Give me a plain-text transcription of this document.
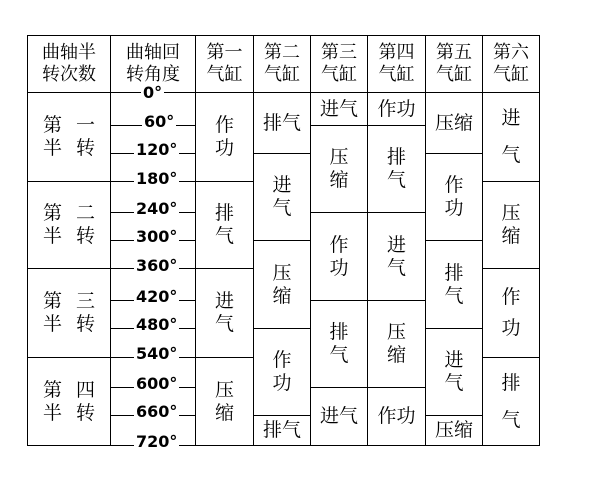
曲轴半
转次数
曲轴回
转角度
第一
气缸
第二
气缸
第三
气缸
第四
气缸
第五
气缸
第六
气缸
第一
半转
第二
半转
第三
半转
第四
半转
0°
60°
120°
180°
240°
300°
360°
420°
480°
540°
600°
660°
720°
作
功
排
气
进
气
压
缩
排气
进
气
压
缩
作
功
排气
进气
压
缩
作
功
排
气
进气
作功
排
气
进
气
压
缩
作功
压缩
作
功
排
气
进
气
压缩
进
气
压
缩
作
功
排
气
